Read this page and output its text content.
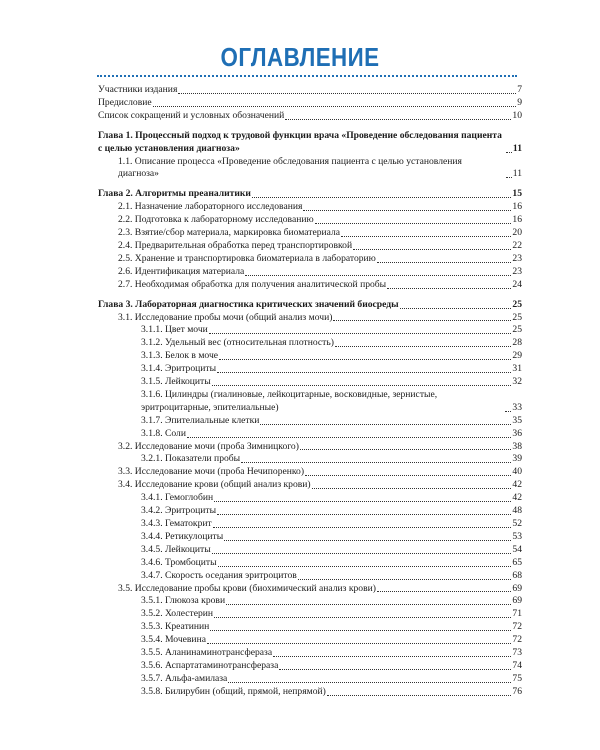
ОГЛАВЛЕНИЕ
Участники издания	7
Предисловие	9
Список сокращений и условных обозначений	10
Глава 1. Процессный подход к трудовой функции врача «Проведение обследования пациента с целью установления диагноза»	11
1.1. Описание процесса «Проведение обследования пациента с целью установления диагноза»	11
Глава 2. Алгоритмы преаналитики	15
2.1. Назначение лабораторного исследования	16
2.2. Подготовка к лабораторному исследованию	16
2.3. Взятие/сбор материала, маркировка биоматериала	20
2.4. Предварительная обработка перед транспортировкой	22
2.5. Хранение и транспортировка биоматериала в лабораторию	23
2.6. Идентификация материала	23
2.7. Необходимая обработка для получения аналитической пробы	24
Глава 3. Лабораторная диагностика критических значений биосреды	25
3.1. Исследование пробы мочи (общий анализ мочи)	25
3.1.1. Цвет мочи	25
3.1.2. Удельный вес (относительная плотность)	28
3.1.3. Белок в моче	29
3.1.4. Эритроциты	31
3.1.5. Лейкоциты	32
3.1.6. Цилиндры (гиалиновые, лейкоцитарные, восковидные, зернистые, эритроцитарные, эпителиальные)	33
3.1.7. Эпителиальные клетки	35
3.1.8. Соли	36
3.2. Исследование мочи (проба Зимницкого)	38
3.2.1. Показатели пробы	39
3.3. Исследование мочи (проба Нечипоренко)	40
3.4. Исследование крови (общий анализ крови)	42
3.4.1. Гемоглобин	42
3.4.2. Эритроциты	48
3.4.3. Гематокрит	52
3.4.4. Ретикулоциты	53
3.4.5. Лейкоциты	54
3.4.6. Тромбоциты	65
3.4.7. Скорость оседания эритроцитов	68
3.5. Исследование пробы крови (биохимический анализ крови)	69
3.5.1. Глюкоза крови	69
3.5.2. Холестерин	71
3.5.3. Креатинин	72
3.5.4. Мочевина	72
3.5.5. Аланинаминотрансфераза	73
3.5.6. Аспартатаминотрансфераза	74
3.5.7. Альфа-амилаза	75
3.5.8. Билирубин (общий, прямой, непрямой)	76
